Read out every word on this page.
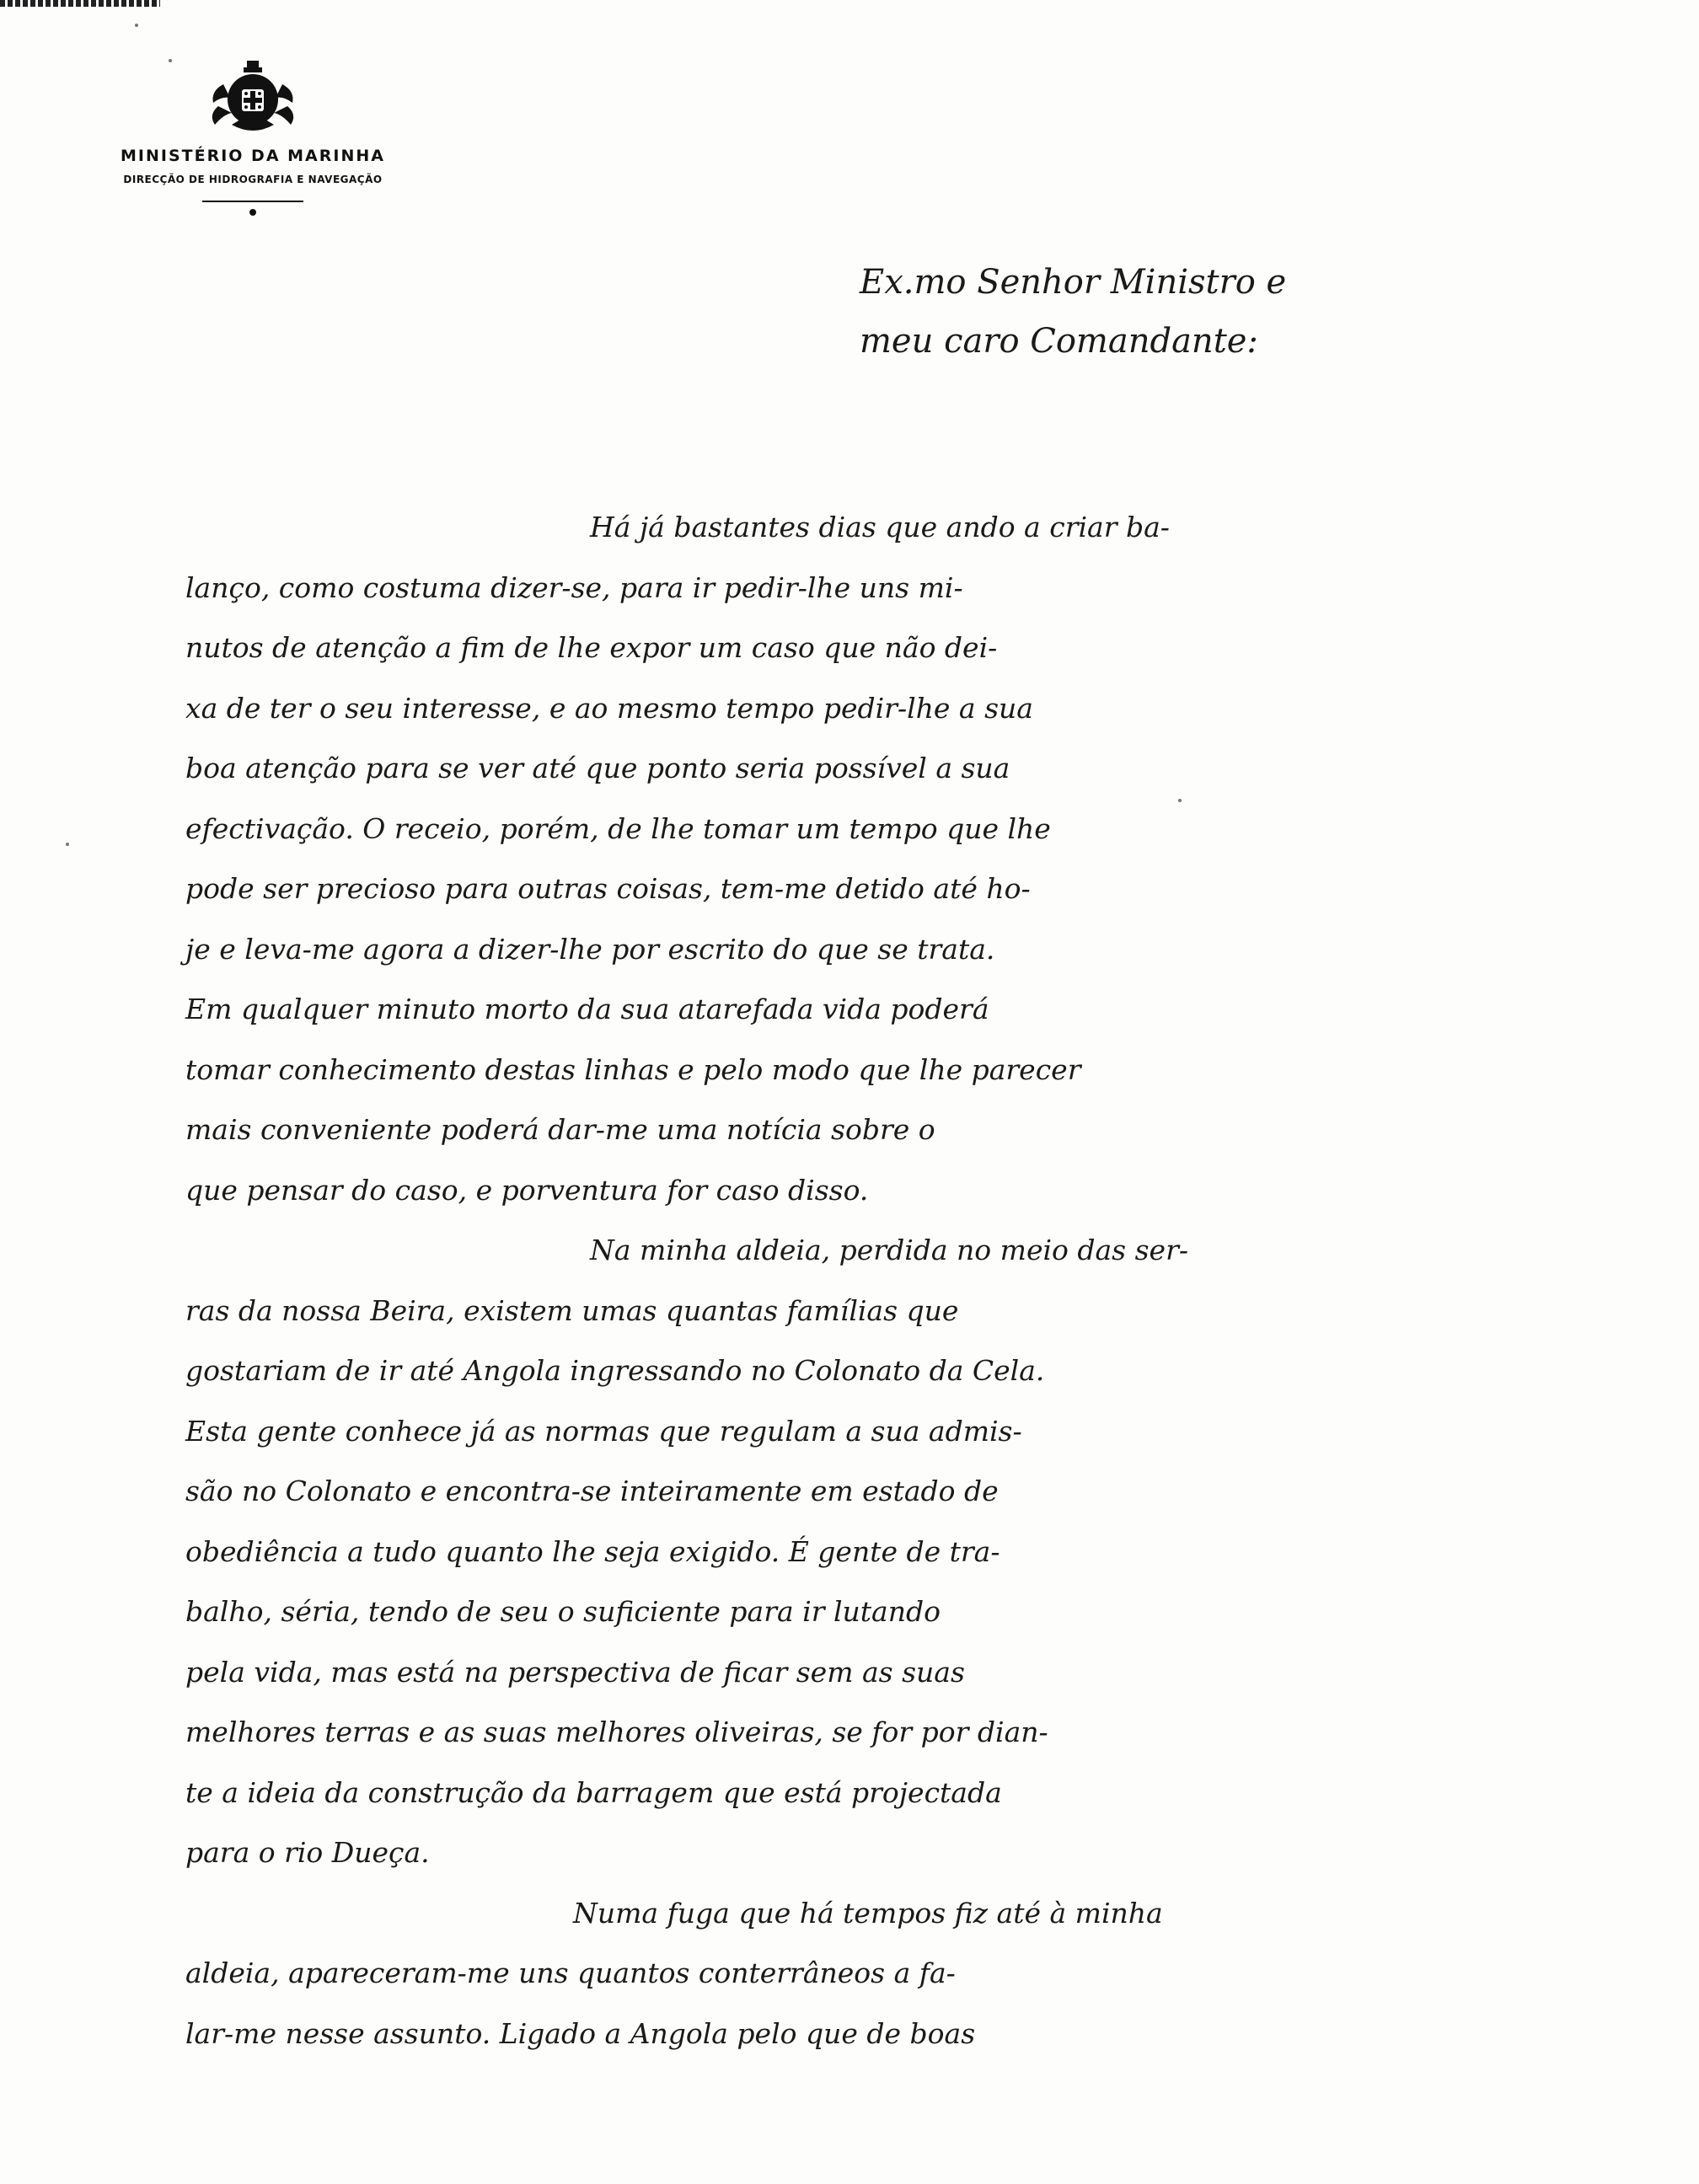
MINISTÉRIO DA MARINHA
DIRECÇÃO DE HIDROGRAFIA E NAVEGAÇÃO
Ex.mo Senhor Ministro e
meu caro Comandante:
Há já bastantes dias que ando a criar ba-
lanço, como costuma dizer-se, para ir pedir-lhe uns mi-
nutos de atenção a fim de lhe expor um caso que não dei-
xa de ter o seu interesse, e ao mesmo tempo pedir-lhe a sua
boa atenção para se ver até que ponto seria possível a sua
efectivação. O receio, porém, de lhe tomar um tempo que lhe
pode ser precioso para outras coisas, tem-me detido até ho-
je e leva-me agora a dizer-lhe por escrito do que se trata.
Em qualquer minuto morto da sua atarefada vida poderá
tomar conhecimento destas linhas e pelo modo que lhe parecer
mais conveniente poderá dar-me uma notícia sobre o
que pensar do caso, e porventura for caso disso.
Na minha aldeia, perdida no meio das ser-
ras da nossa Beira, existem umas quantas famílias que
gostariam de ir até Angola ingressando no Colonato da Cela.
Esta gente conhece já as normas que regulam a sua admis-
são no Colonato e encontra-se inteiramente em estado de
obediência a tudo quanto lhe seja exigido. É gente de tra-
balho, séria, tendo de seu o suficiente para ir lutando
pela vida, mas está na perspectiva de ficar sem as suas
melhores terras e as suas melhores oliveiras, se for por dian-
te a ideia da construção da barragem que está projectada
para o rio Dueça.
Numa fuga que há tempos fiz até à minha
aldeia, apareceram-me uns quantos conterrâneos a fa-
lar-me nesse assunto. Ligado a Angola pelo que de boas
